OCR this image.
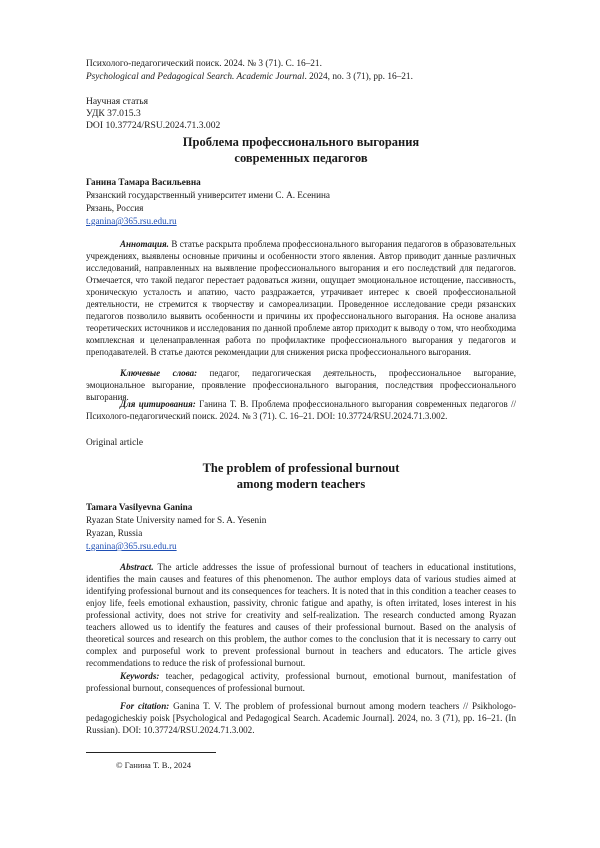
Психолого-педагогический поиск. 2024. № 3 (71). С. 16–21.
Psychological and Pedagogical Search. Academic Journal. 2024, no. 3 (71), pp. 16–21.
Научная статья
УДК 37.015.3
DOI 10.37724/RSU.2024.71.3.002
Проблема профессионального выгорания
современных педагогов
Ганина Тамара Васильевна
Рязанский государственный университет имени С. А. Есенина
Рязань, Россия
t.ganina@365.rsu.edu.ru
Аннотация. В статье раскрыта проблема профессионального выгорания педагогов в образовательных учреждениях, выявлены основные причины и особенности этого явления. Автор приводит данные различных исследований, направленных на выявление профессионального выгорания и его последствий для педагогов. Отмечается, что такой педагог перестает радоваться жизни, ощущает эмоциональное истощение, пассивность, хроническую усталость и апатию, часто раздражается, утрачивает интерес к своей профессиональной деятельности, не стремится к творчеству и самореализации. Проведенное исследование среди рязанских педагогов позволило выявить особенности и причины их профессионального выгорания. На основе анализа теоретических источников и исследования по данной проблеме автор приходит к выводу о том, что необходима комплексная и целенаправленная работа по профилактике профессионального выгорания у педагогов и преподавателей. В статье даются рекомендации для снижения риска профессионального выгорания.
Ключевые слова: педагог, педагогическая деятельность, профессиональное выгорание, эмоциональное выгорание, проявление профессионального выгорания, последствия профессионального выгорания.
Для цитирования: Ганина Т. В. Проблема профессионального выгорания современных педагогов // Психолого-педагогический поиск. 2024. № 3 (71). С. 16–21. DOI: 10.37724/RSU.2024.71.3.002.
Original article
The problem of professional burnout
among modern teachers
Tamara Vasilyevna Ganina
Ryazan State University named for S. A. Yesenin
Ryazan, Russia
t.ganina@365.rsu.edu.ru
Abstract. The article addresses the issue of professional burnout of teachers in educational institutions, identifies the main causes and features of this phenomenon. The author employs data of various studies aimed at identifying professional burnout and its consequences for teachers. It is noted that in this condition a teacher ceases to enjoy life, feels emotional exhaustion, passivity, chronic fatigue and apathy, is often irritated, loses interest in his professional activity, does not strive for creativity and self-realization. The research conducted among Ryazan teachers allowed us to identify the features and causes of their professional burnout. Based on the analysis of theoretical sources and research on this problem, the author comes to the conclusion that it is necessary to carry out complex and purposeful work to prevent professional burnout in teachers and educators. The article gives recommendations to reduce the risk of professional burnout.
Keywords: teacher, pedagogical activity, professional burnout, emotional burnout, manifestation of professional burnout, consequences of professional burnout.
For citation: Ganina T. V. The problem of professional burnout among modern teachers // Psikhologo-pedagogicheskiy poisk [Psychological and Pedagogical Search. Academic Journal]. 2024, no. 3 (71), pp. 16–21. (In Russian). DOI: 10.37724/RSU.2024.71.3.002.
© Ганина Т. В., 2024
